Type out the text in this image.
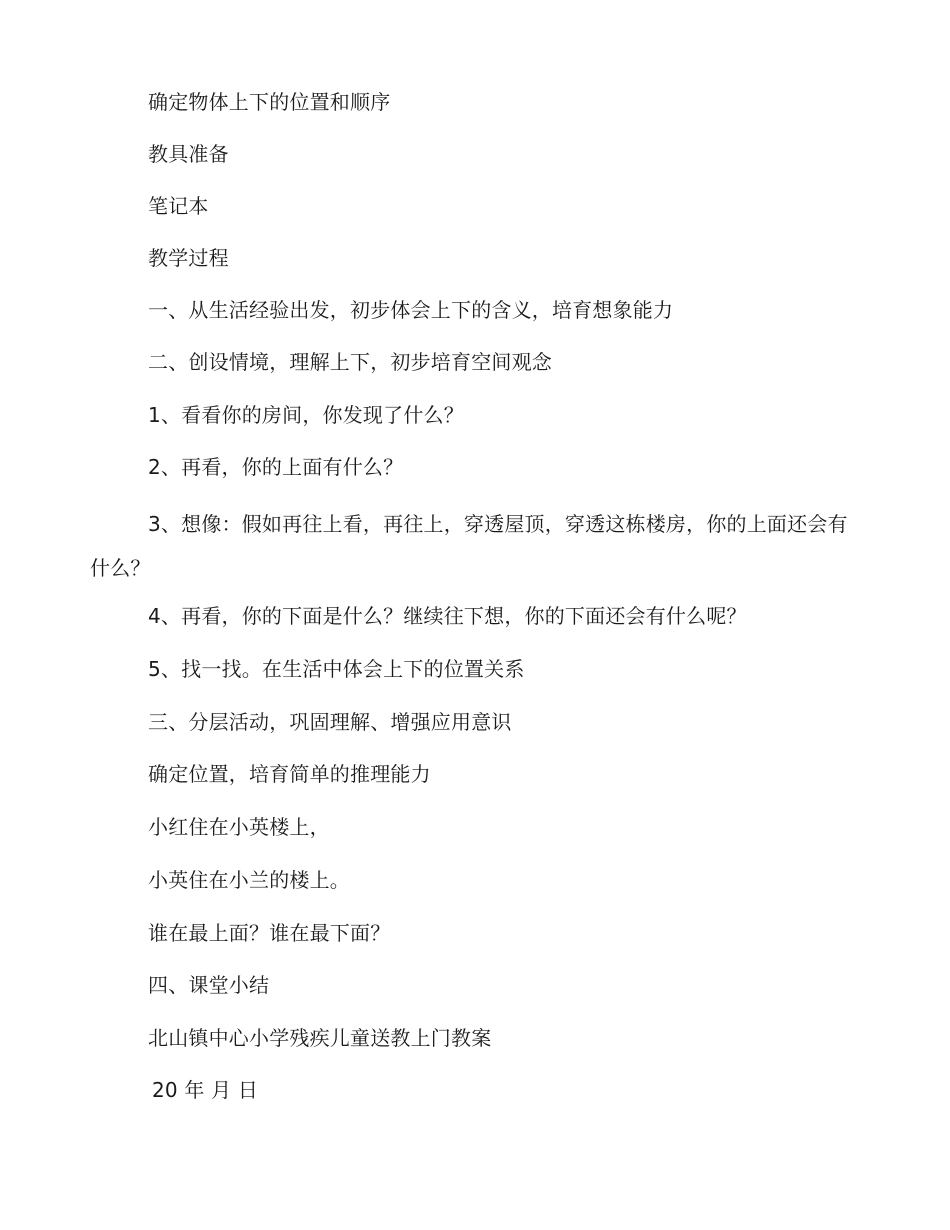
确定物体上下的位置和顺序
教具准备
笔记本
教学过程
一、从生活经验出发，初步体会上下的含义，培育想象能力
二、创设情境，理解上下，初步培育空间观念
1、看看你的房间，你发现了什么？
2、再看，你的上面有什么？
3、想像：假如再往上看，再往上，穿透屋顶，穿透这栋楼房，你的上面还会有什么？
4、再看，你的下面是什么？继续往下想，你的下面还会有什么呢？
5、找一找。在生活中体会上下的位置关系
三、分层活动，巩固理解、增强应用意识
确定位置，培育简单的推理能力
小红住在小英楼上，
小英住在小兰的楼上。
谁在最上面？谁在最下面？
四、课堂小结
北山镇中心小学残疾儿童送教上门教案
20 年 月 日
